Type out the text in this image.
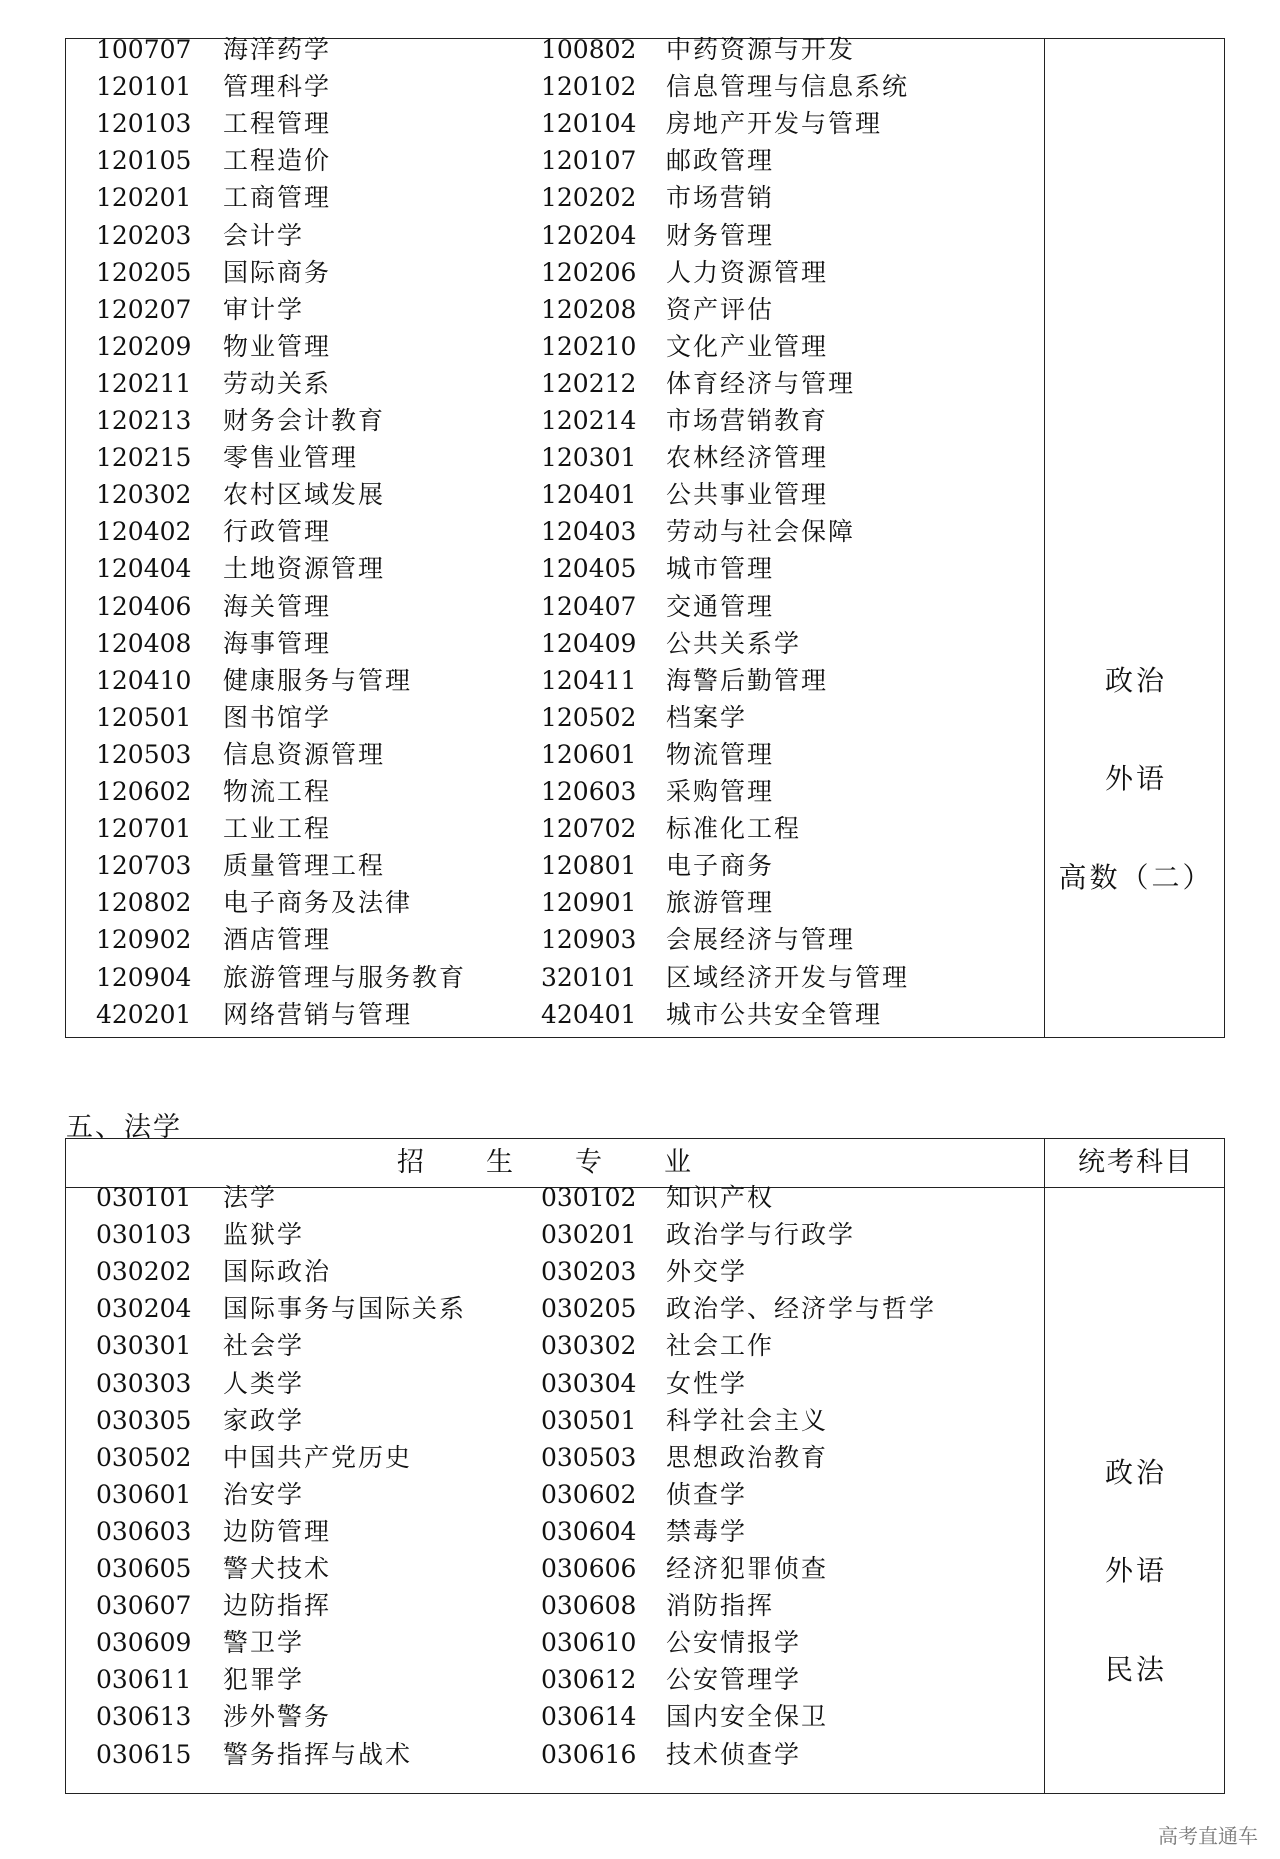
100707 海洋药学	100802 中药资源与开发
120101 管理科学	120102 信息管理与信息系统
120103 工程管理	120104 房地产开发与管理
120105 工程造价	120107 邮政管理
120201 工商管理	120202 市场营销
120203 会计学	120204 财务管理
120205 国际商务	120206 人力资源管理
120207 审计学	120208 资产评估
120209 物业管理	120210 文化产业管理
120211 劳动关系	120212 体育经济与管理
120213 财务会计教育	120214 市场营销教育
120215 零售业管理	120301 农林经济管理
120302 农村区域发展	120401 公共事业管理
120402 行政管理	120403 劳动与社会保障
120404 土地资源管理	120405 城市管理
120406 海关管理	120407 交通管理
120408 海事管理	120409 公共关系学
120410 健康服务与管理	120411 海警后勤管理
120501 图书馆学	120502 档案学
120503 信息资源管理	120601 物流管理
120602 物流工程	120603 采购管理
120701 工业工程	120702 标准化工程
120703 质量管理工程	120801 电子商务
120802 电子商务及法律	120901 旅游管理
120902 酒店管理	120903 会展经济与管理
120904 旅游管理与服务教育	320101 区域经济开发与管理
420201 网络营销与管理	420401 城市公共安全管理
政治
外语
高数（二）
五、法学
招生专业	统考科目
030101 法学	030102 知识产权
030103 监狱学	030201 政治学与行政学
030202 国际政治	030203 外交学
030204 国际事务与国际关系	030205 政治学、经济学与哲学
030301 社会学	030302 社会工作
030303 人类学	030304 女性学
030305 家政学	030501 科学社会主义
030502 中国共产党历史	030503 思想政治教育
030601 治安学	030602 侦查学
030603 边防管理	030604 禁毒学
030605 警犬技术	030606 经济犯罪侦查
030607 边防指挥	030608 消防指挥
030609 警卫学	030610 公安情报学
030611 犯罪学	030612 公安管理学
030613 涉外警务	030614 国内安全保卫
030615 警务指挥与战术	030616 技术侦查学
政治
外语
民法
高考直通车
